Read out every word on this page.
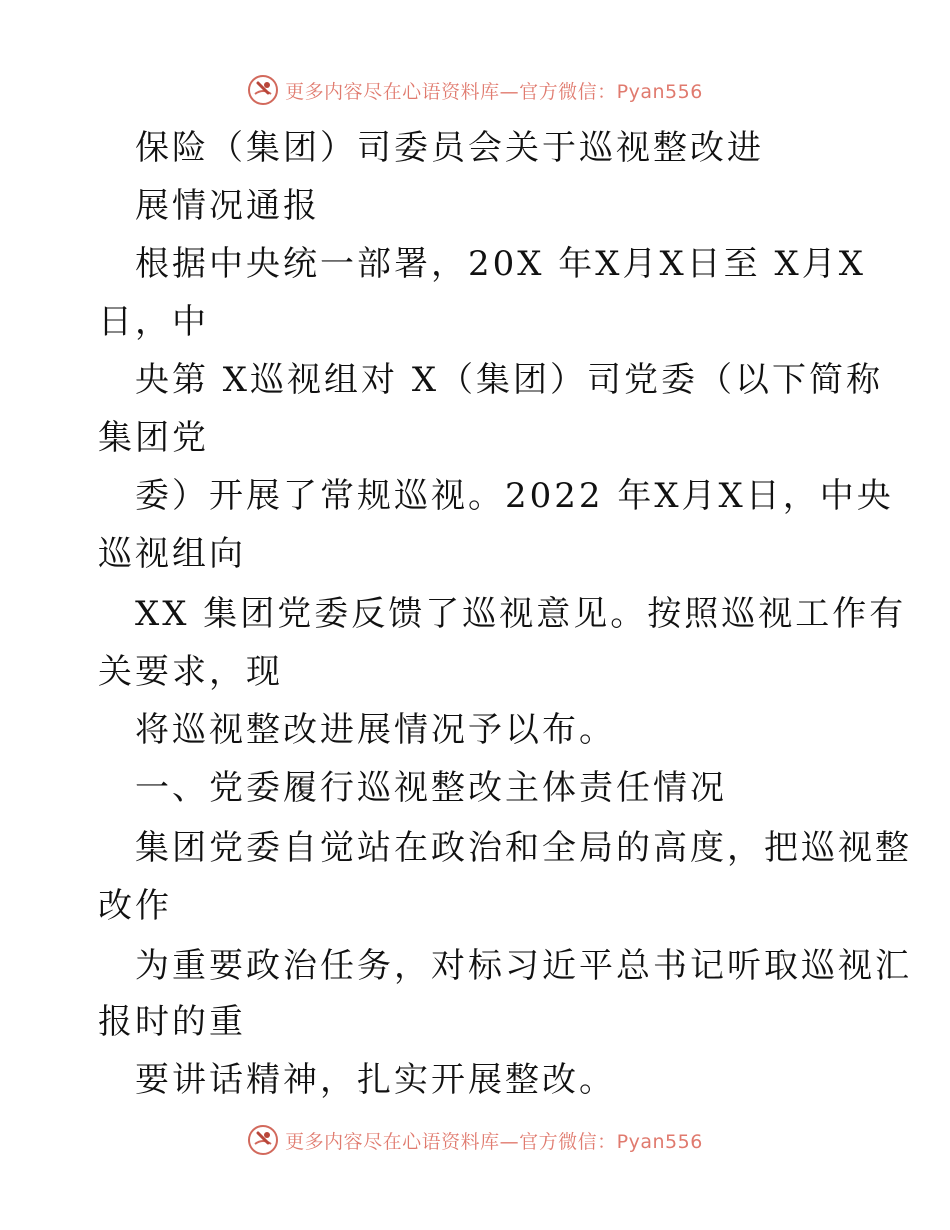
更多内容尽在心语资料库—官方微信：Pyan556
保险（集团）司委员会关于巡视整改进
展情况通报
根据中央统一部署，20X 年X月X日至 X月X
日，中
央第 X巡视组对 X（集团）司党委（以下简称
集团党
委）开展了常规巡视。2022 年X月X日，中央
巡视组向
XX 集团党委反馈了巡视意见。按照巡视工作有
关要求，现
将巡视整改进展情况予以布。
一、党委履行巡视整改主体责任情况
集团党委自觉站在政治和全局的高度，把巡视整
改作
为重要政治任务，对标习近平总书记听取巡视汇
报时的重
要讲话精神，扎实开展整改。
更多内容尽在心语资料库—官方微信：Pyan556
